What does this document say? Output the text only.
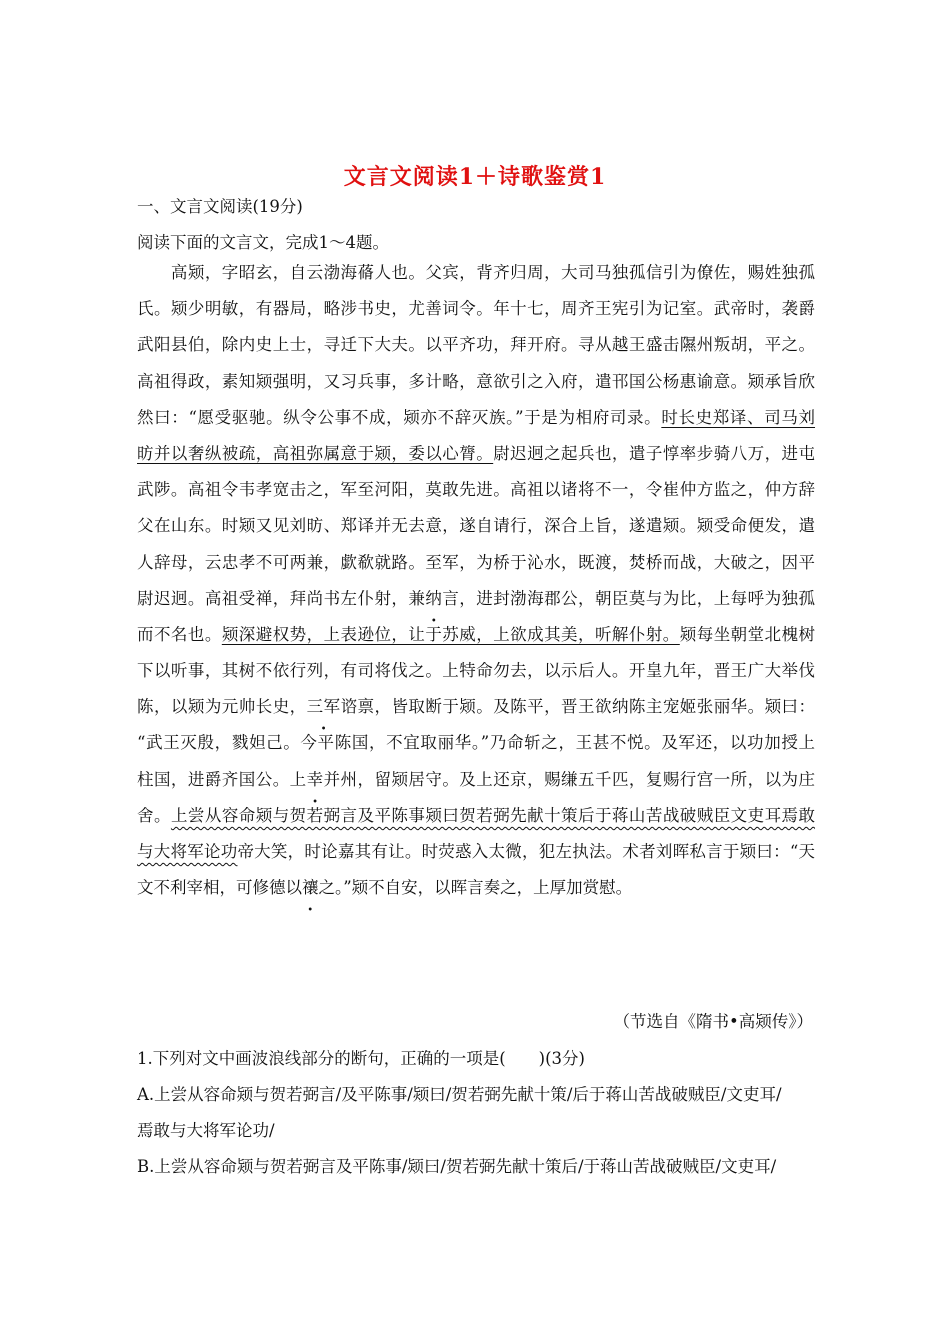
文言文阅读1＋诗歌鉴赏1
一、文言文阅读(19分)
阅读下面的文言文，完成1～4题。
　　高颎，字昭玄，自云渤海蓨人也。父宾，背齐归周，大司马独孤信引为僚佐，赐姓独孤
氏。颎少明敏，有器局，略涉书史，尤善词令。年十七，周齐王宪引为记室。武帝时，袭爵
武阳县伯，除内史上士，寻迁下大夫。以平齐功，拜开府。寻从越王盛击隰州叛胡，平之。
高祖得政，素知颎强明，又习兵事，多计略，意欲引之入府，遣邗国公杨惠谕意。颎承旨欣
然曰：“愿受驱驰。纵令公事不成，颎亦不辞灭族。”于是为相府司录。时长史郑译、司马刘
昉并以奢纵被疏，高祖弥属意于颎，委以心膂。尉迟迥之起兵也，遣子惇率步骑八万，进屯
武陟。高祖令韦孝宽击之，军至河阳，莫敢先进。高祖以诸将不一，令崔仲方监之，仲方辞
父在山东。时颎又见刘昉、郑译并无去意，遂自请行，深合上旨，遂遣颎。颎受命便发，遣
人辞母，云忠孝不可两兼，歔欷就路。至军，为桥于沁水，既渡，焚桥而战，大破之，因平
尉迟迥。高祖受禅，拜尚书左仆射，兼纳言，进封渤海郡公，朝臣莫与为比，上每呼为独孤
而不名也。颎深避权势，上表逊位，让于苏威，上欲成其美，听解仆射。颎每坐朝堂北槐树
下以听事，其树不依行列，有司将伐之。上特命勿去，以示后人。开皇九年，晋王广大举伐
陈，以颎为元帅长史，三军谘禀，皆取断于颎。及陈平，晋王欲纳陈主宠姬张丽华。颎曰：
“武王灭殷，戮妲己。今平陈国，不宜取丽华。”乃命斩之，王甚不悦。及军还，以功加授上
柱国，进爵齐国公。上幸并州，留颎居守。及上还京，赐缣五千匹，复赐行宫一所，以为庄
舍。上尝从容命颎与贺若弼言及平陈事颎曰贺若弼先献十策后于蒋山苦战破贼臣文吏耳焉敢
与大将军论功帝大笑，时论嘉其有让。时荧惑入太微，犯左执法。术者刘晖私言于颎曰：“天
文不利宰相，可修德以禳之。”颎不自安，以晖言奏之，上厚加赏慰。
（节选自《隋书•高颎传》）
1.下列对文中画波浪线部分的断句，正确的一项是(　　)(3分)
A.上尝从容命颎与贺若弼言/及平陈事/颎曰/贺若弼先献十策/后于蒋山苦战破贼臣/文吏耳/
焉敢与大将军论功/
B.上尝从容命颎与贺若弼言及平陈事/颎曰/贺若弼先献十策后/于蒋山苦战破贼臣/文吏耳/
